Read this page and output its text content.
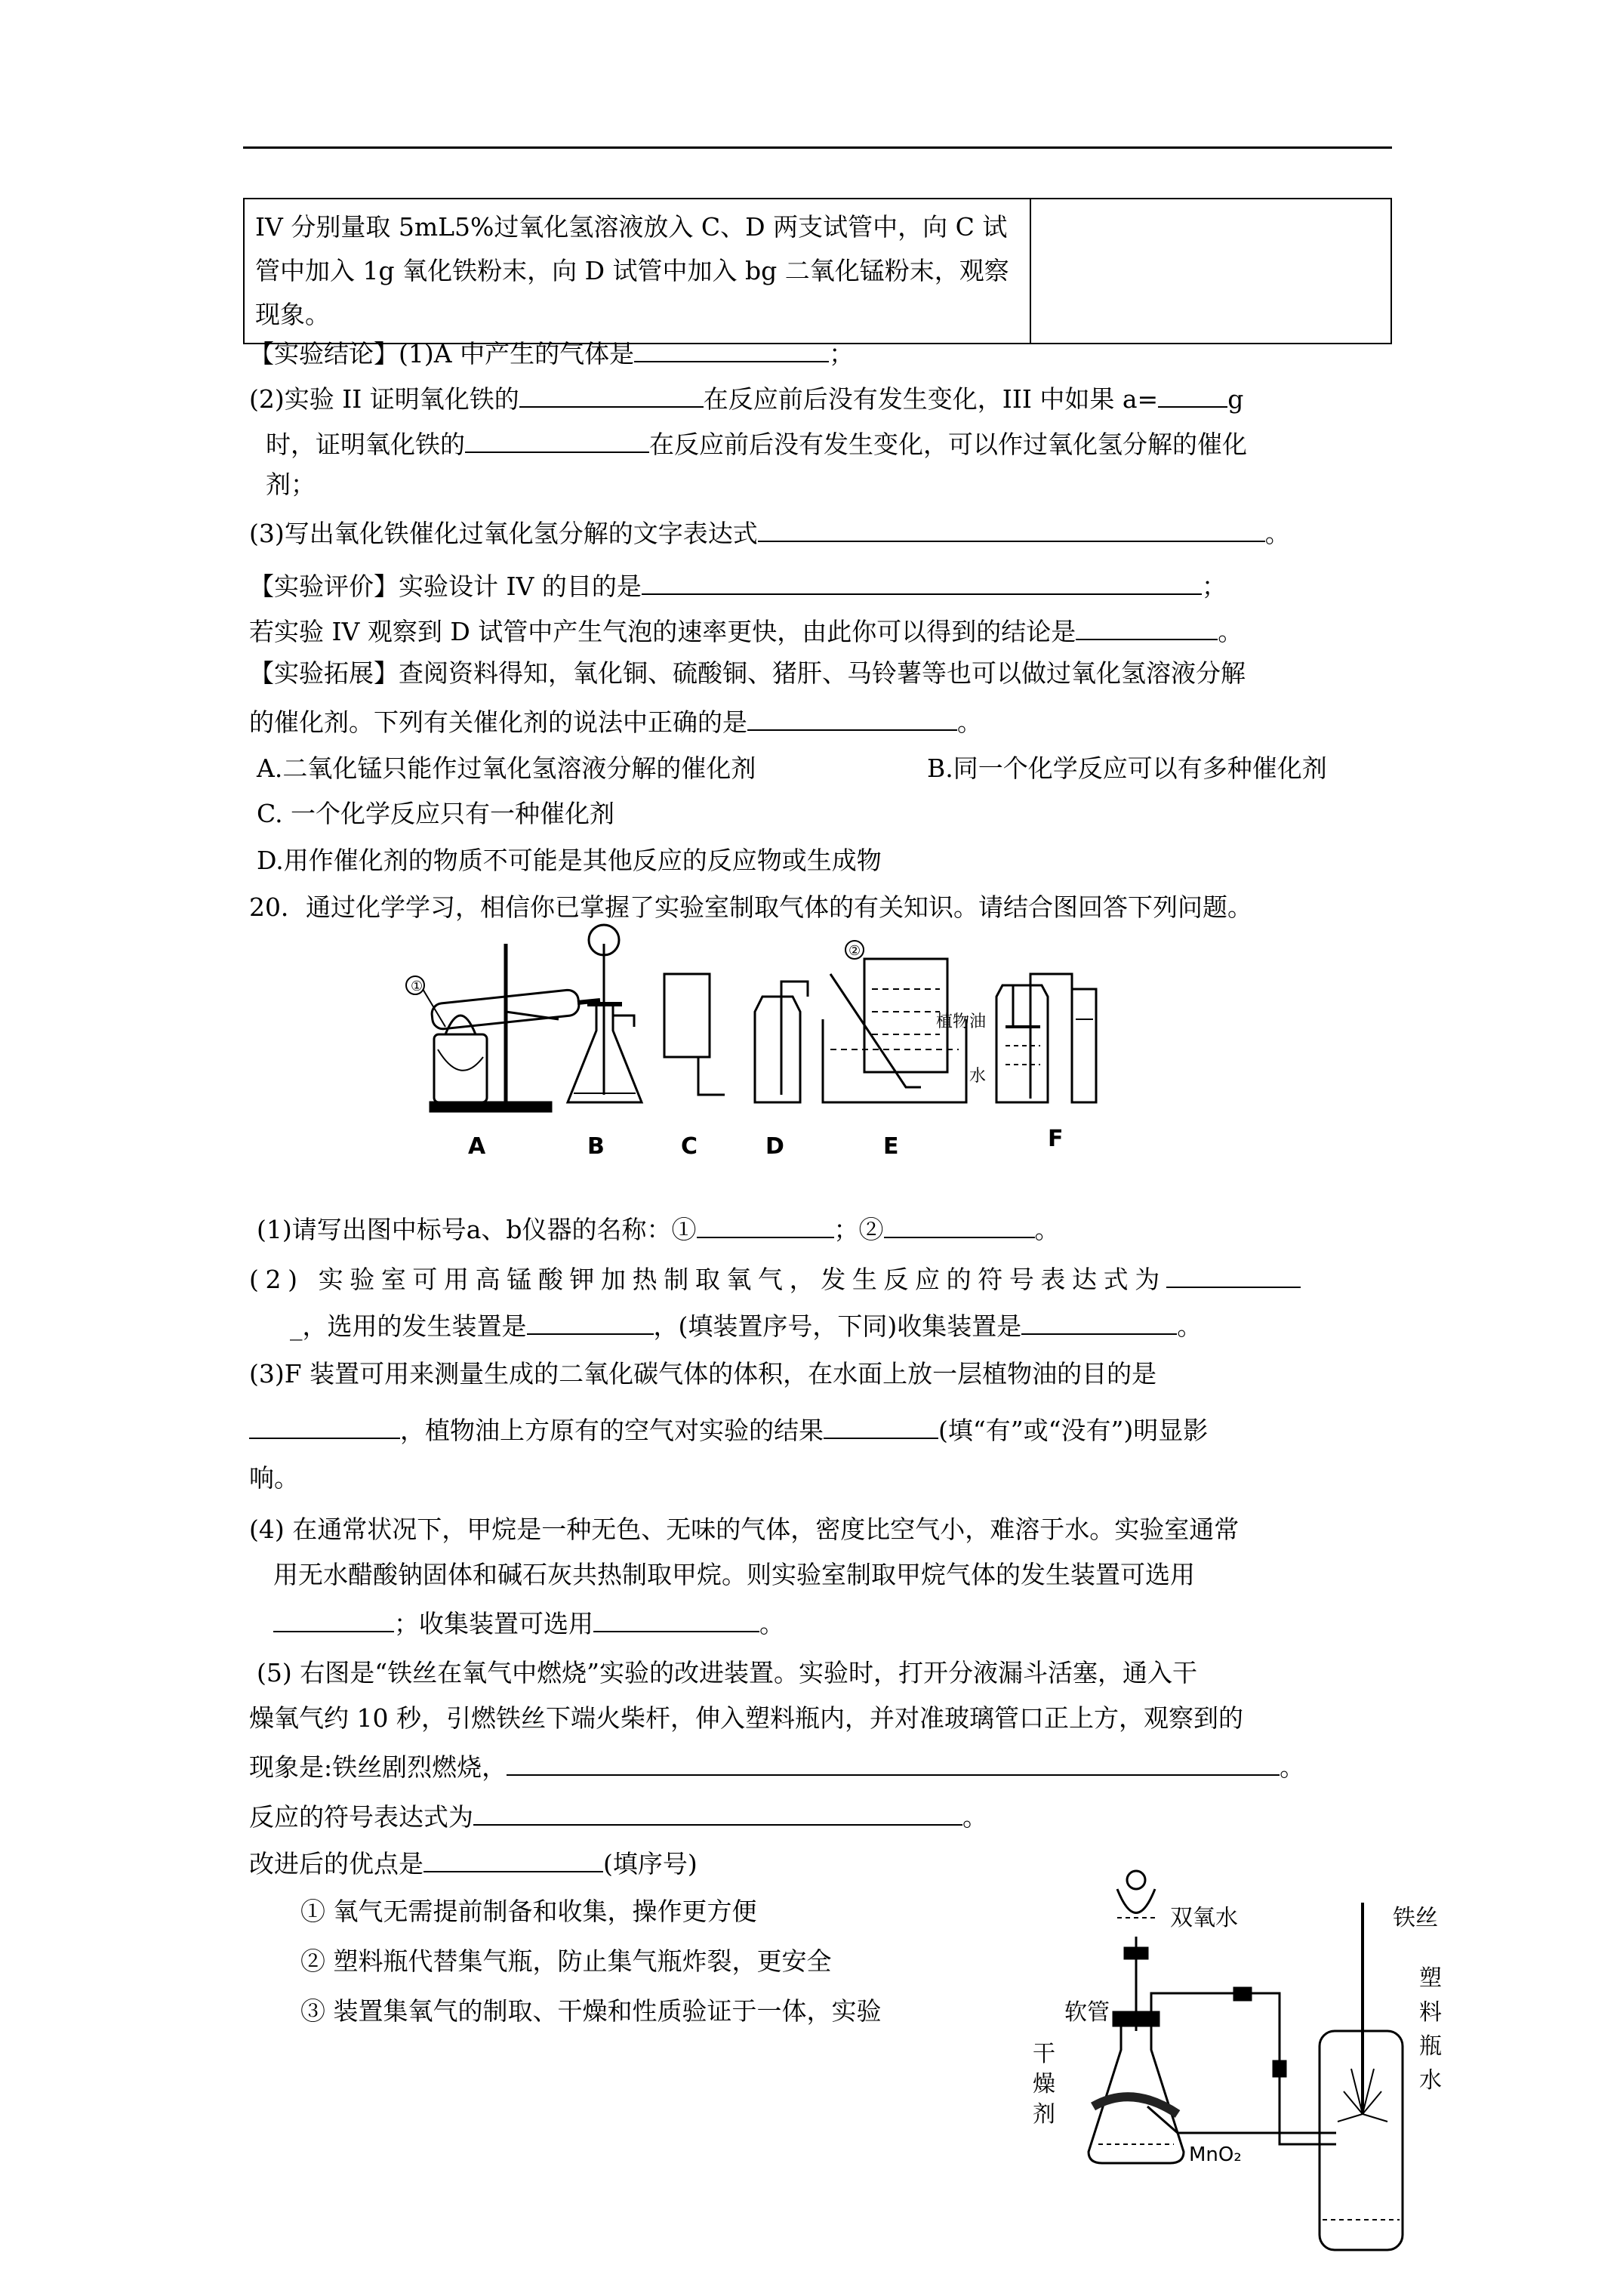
IV 分别量取 5mL5%过氧化氢溶液放入 C、D 两支试管中，向 C 试管中加入 1g 氧化铁粉末，向 D 试管中加入 bg 二氧化锰粉末，观察现象。	
【实验结论】(1)A 中产生的气体是	；
(2)实验 II 证明氧化铁的	在反应前后没有发生变化，III 中如果 a=	g
时，证明氧化铁的	在反应前后没有发生变化，可以作过氧化氢分解的催化
剂；
(3)写出氧化铁催化过氧化氢分解的文字表达式	。
【实验评价】实验设计 IV 的目的是	；
若实验 IV 观察到 D 试管中产生气泡的速率更快，由此你可以得到的结论是	。
【实验拓展】查阅资料得知，氧化铜、硫酸铜、猪肝、马铃薯等也可以做过氧化氢溶液分解
的催化剂。下列有关催化剂的说法中正确的是	。
A.二氧化锰只能作过氧化氢溶液分解的催化剂	B.同一个化学反应可以有多种催化剂
C. 一个化学反应只有一种催化剂
D.用作催化剂的物质不可能是其他反应的反应物或生成物
20．通过化学学习，相信你已掌握了实验室制取气体的有关知识。请结合图回答下列问题。
①
②
植物油
水
A	B	C	D	E	F
(1)请写出图中标号a、b仪器的名称：①	；②	。
(2) 实验室可用高锰酸钾加热制取氧气，发生反应的符号表达式为
_，选用的发生装置是	，(填装置序号，下同)收集装置是	。
(3)F 装置可用来测量生成的二氧化碳气体的体积，在水面上放一层植物油的目的是
，植物油上方原有的空气对实验的结果	(填“有”或“没有”)明显影
响。
(4) 在通常状况下，甲烷是一种无色、无味的气体，密度比空气小，难溶于水。实验室通常
用无水醋酸钠固体和碱石灰共热制取甲烷。则实验室制取甲烷气体的发生装置可选用
；收集装置可选用	。
(5) 右图是“铁丝在氧气中燃烧”实验的改进装置。实验时，打开分液漏斗活塞，通入干
燥氧气约 10 秒，引燃铁丝下端火柴杆，伸入塑料瓶内，并对准玻璃管口正上方，观察到的
现象是:铁丝剧烈燃烧，	。
反应的符号表达式为	。
改进后的优点是	(填序号)
① 氧气无需提前制备和收集，操作更方便
② 塑料瓶代替集气瓶，防止集气瓶炸裂，更安全
③ 装置集氧气的制取、干燥和性质验证于一体，实验
双氧水	铁丝
软管
干
燥
剂
塑
料
瓶
水
MnO₂
